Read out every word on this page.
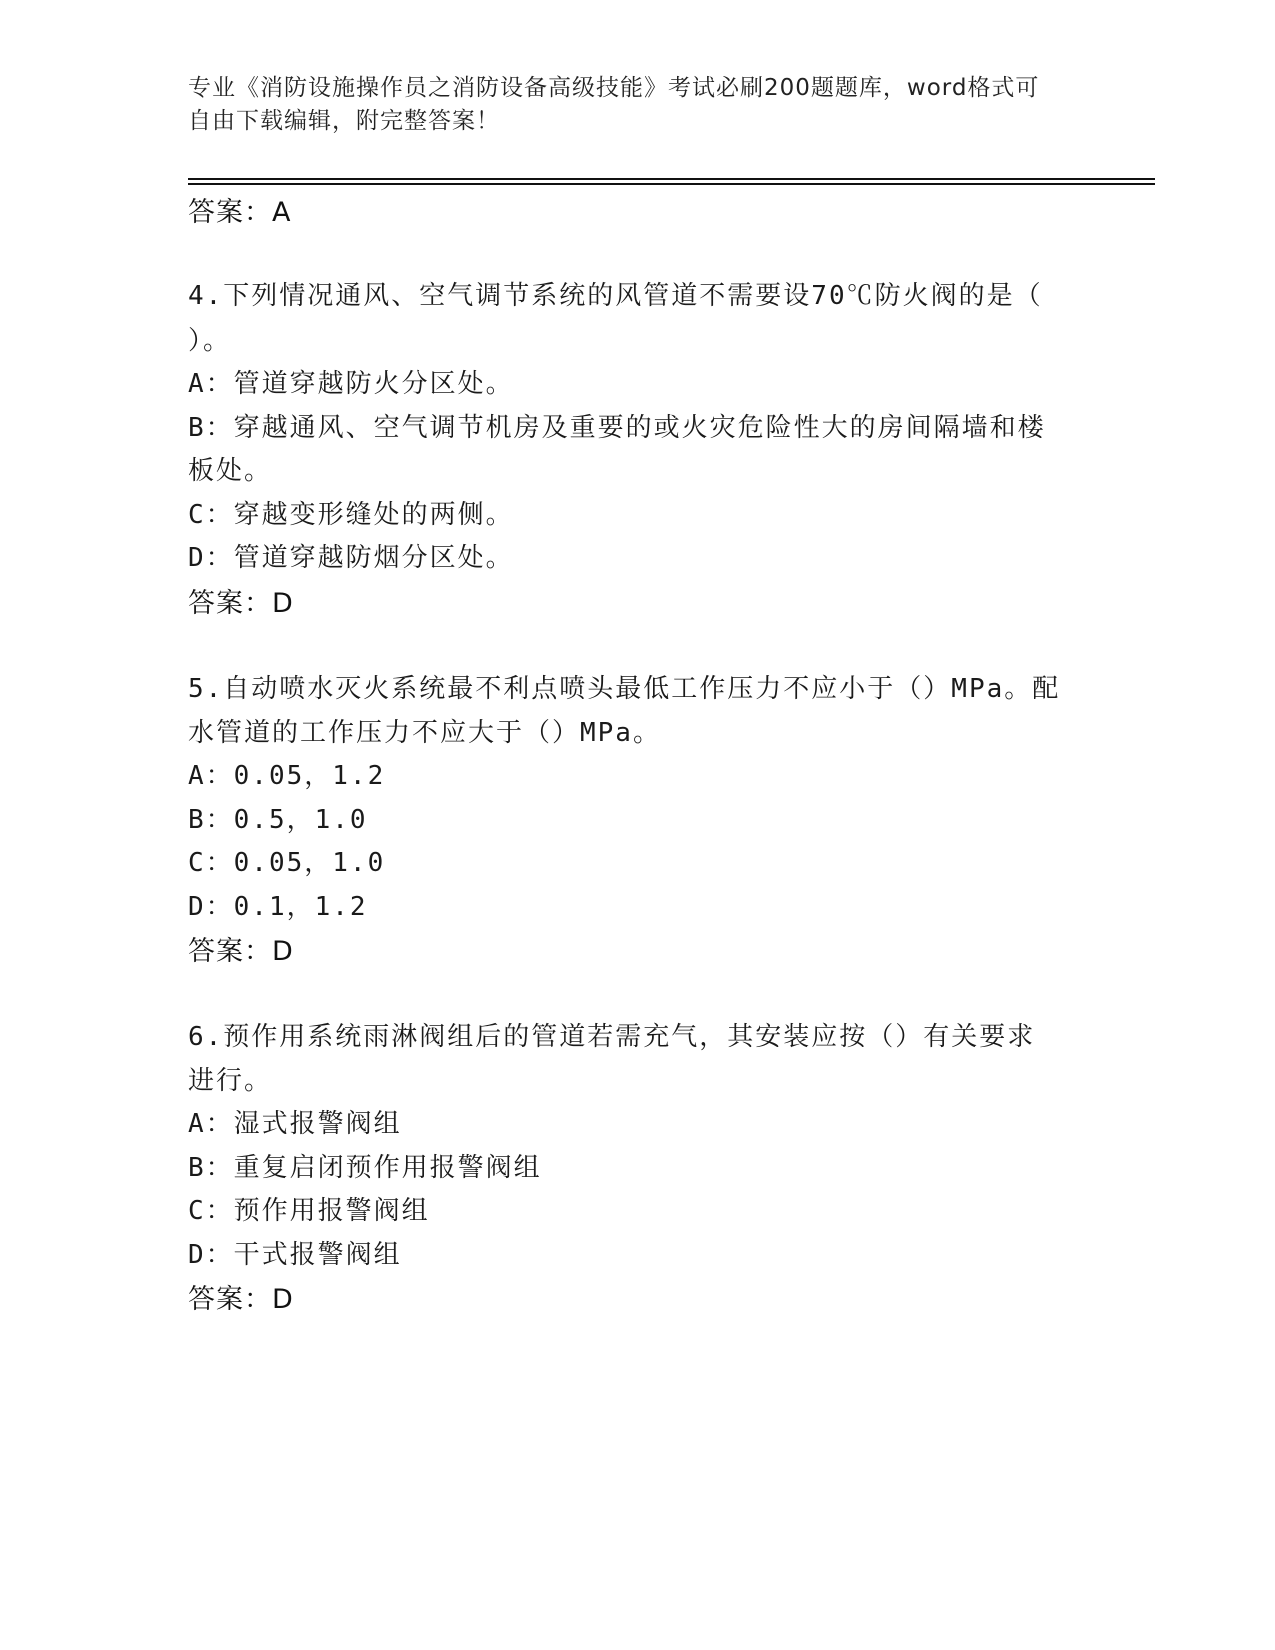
专业《消防设施操作员之消防设备高级技能》考试必刷200题题库，word格式可
自由下载编辑，附完整答案！
答案：A
4.下列情况通风、空气调节系统的风管道不需要设70℃防火阀的是（
）。
A：管道穿越防火分区处。
B：穿越通风、空气调节机房及重要的或火灾危险性大的房间隔墙和楼
板处。
C：穿越变形缝处的两侧。
D：管道穿越防烟分区处。
答案：D
5.自动喷水灭火系统最不利点喷头最低工作压力不应小于（）MPa。配
水管道的工作压力不应大于（）MPa。
A：0.05，1.2
B：0.5，1.0
C：0.05，1.0
D：0.1，1.2
答案：D
6.预作用系统雨淋阀组后的管道若需充气，其安装应按（）有关要求
进行。
A：湿式报警阀组
B：重复启闭预作用报警阀组
C：预作用报警阀组
D：干式报警阀组
答案：D
